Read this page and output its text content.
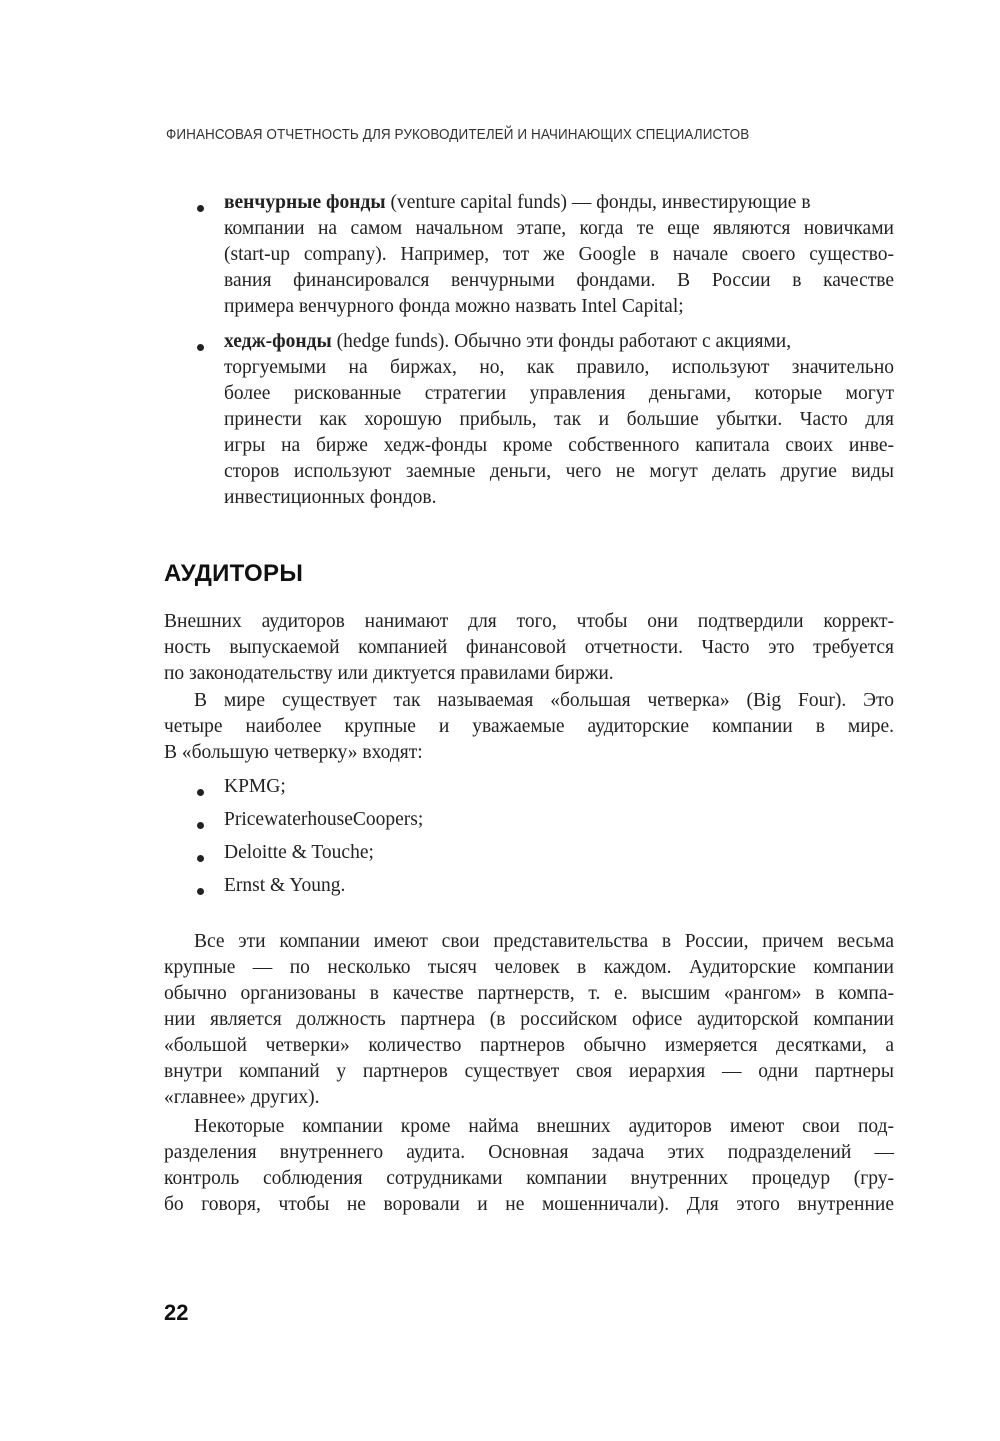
ФИНАНСОВАЯ ОТЧЕТНОСТЬ ДЛЯ РУКОВОДИТЕЛЕЙ И НАЧИНАЮЩИХ СПЕЦИАЛИСТОВ
венчурные фонды (venture capital funds) — фонды, инвестирующие в
компании на самом начальном этапе, когда те еще являются новичками
(start-up company). Например, тот же Google в начале своего существо-
вания финансировался венчурными фондами. В России в качестве
примера венчурного фонда можно назвать Intel Capital;
хедж-фонды (hedge funds). Обычно эти фонды работают с акциями,
торгуемыми на биржах, но, как правило, используют значительно
более рискованные стратегии управления деньгами, которые могут
принести как хорошую прибыль, так и большие убытки. Часто для
игры на бирже хедж-фонды кроме собственного капитала своих инве-
сторов используют заемные деньги, чего не могут делать другие виды
инвестиционных фондов.
АУДИТОРЫ
Внешних аудиторов нанимают для того, чтобы они подтвердили коррект-
ность выпускаемой компанией финансовой отчетности. Часто это требуется
по законодательству или диктуется правилами биржи.
В мире существует так называемая «большая четверка» (Big Four). Это
четыре наиболее крупные и уважаемые аудиторские компании в мире.
В «большую четверку» входят:
KPMG;
PricewaterhouseCoopers;
Deloitte & Touche;
Ernst & Young.
Все эти компании имеют свои представительства в России, причем весьма
крупные — по несколько тысяч человек в каждом. Аудиторские компании
обычно организованы в качестве партнерств, т. е. высшим «рангом» в компа-
нии является должность партнера (в российском офисе аудиторской компании
«большой четверки» количество партнеров обычно измеряется десятками, а
внутри компаний у партнеров существует своя иерархия — одни партнеры
«главнее» других).
Некоторые компании кроме найма внешних аудиторов имеют свои под-
разделения внутреннего аудита. Основная задача этих подразделений —
контроль соблюдения сотрудниками компании внутренних процедур (гру-
бо говоря, чтобы не воровали и не мошенничали). Для этого внутренние
22
